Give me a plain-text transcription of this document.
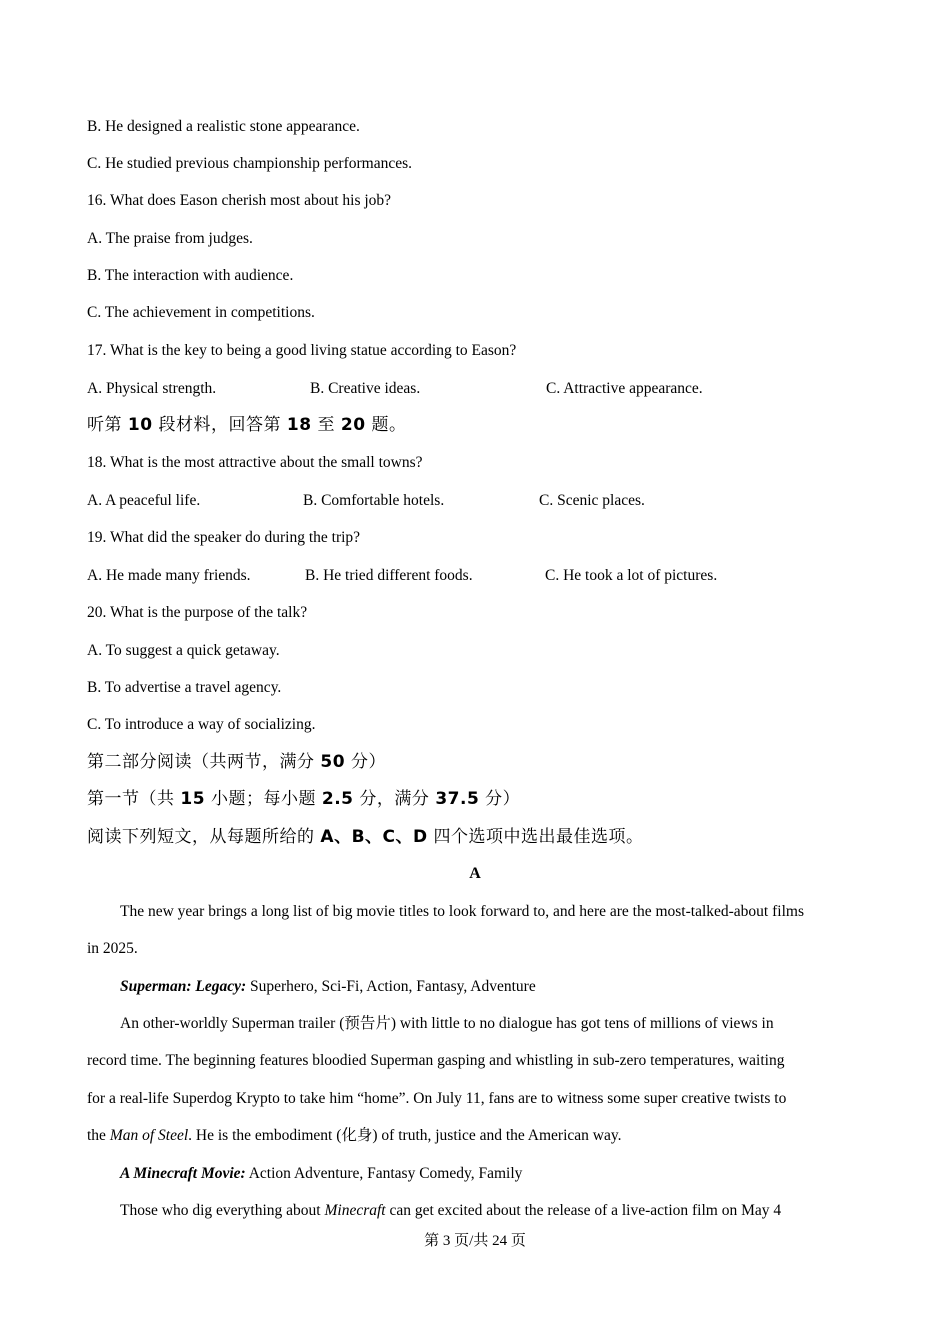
B. He designed a realistic stone appearance.
C. He studied previous championship performances.
16. What does Eason cherish most about his job?
A. The praise from judges.
B. The interaction with audience.
C. The achievement in competitions.
17. What is the key to being a good living statue according to Eason?
A. Physical strength.	B. Creative ideas.	C. Attractive appearance.
听第 10 段材料，回答第 18 至 20 题。
18. What is the most attractive about the small towns?
A. A peaceful life.	B. Comfortable hotels.	C. Scenic places.
19. What did the speaker do during the trip?
A. He made many friends.	B. He tried different foods.	C. He took a lot of pictures.
20. What is the purpose of the talk?
A. To suggest a quick getaway.
B. To advertise a travel agency.
C. To introduce a way of socializing.
第二部分阅读（共两节，满分 50 分）
第一节（共 15 小题；每小题 2.5 分，满分 37.5 分）
阅读下列短文，从每题所给的 A、B、C、D 四个选项中选出最佳选项。
A
The new year brings a long list of big movie titles to look forward to, and here are the most-talked-about films
in 2025.
Superman: Legacy: Superhero, Sci-Fi, Action, Fantasy, Adventure
An other-worldly Superman trailer (预告片) with little to no dialogue has got tens of millions of views in
record time. The beginning features bloodied Superman gasping and whistling in sub-zero temperatures, waiting
for a real-life Superdog Krypto to take him “home”. On July 11, fans are to witness some super creative twists to
the Man of Steel. He is the embodiment (化身) of truth, justice and the American way.
A Minecraft Movie: Action Adventure, Fantasy Comedy, Family
Those who dig everything about Minecraft can get excited about the release of a live-action film on May 4
第 3 页/共 24 页
